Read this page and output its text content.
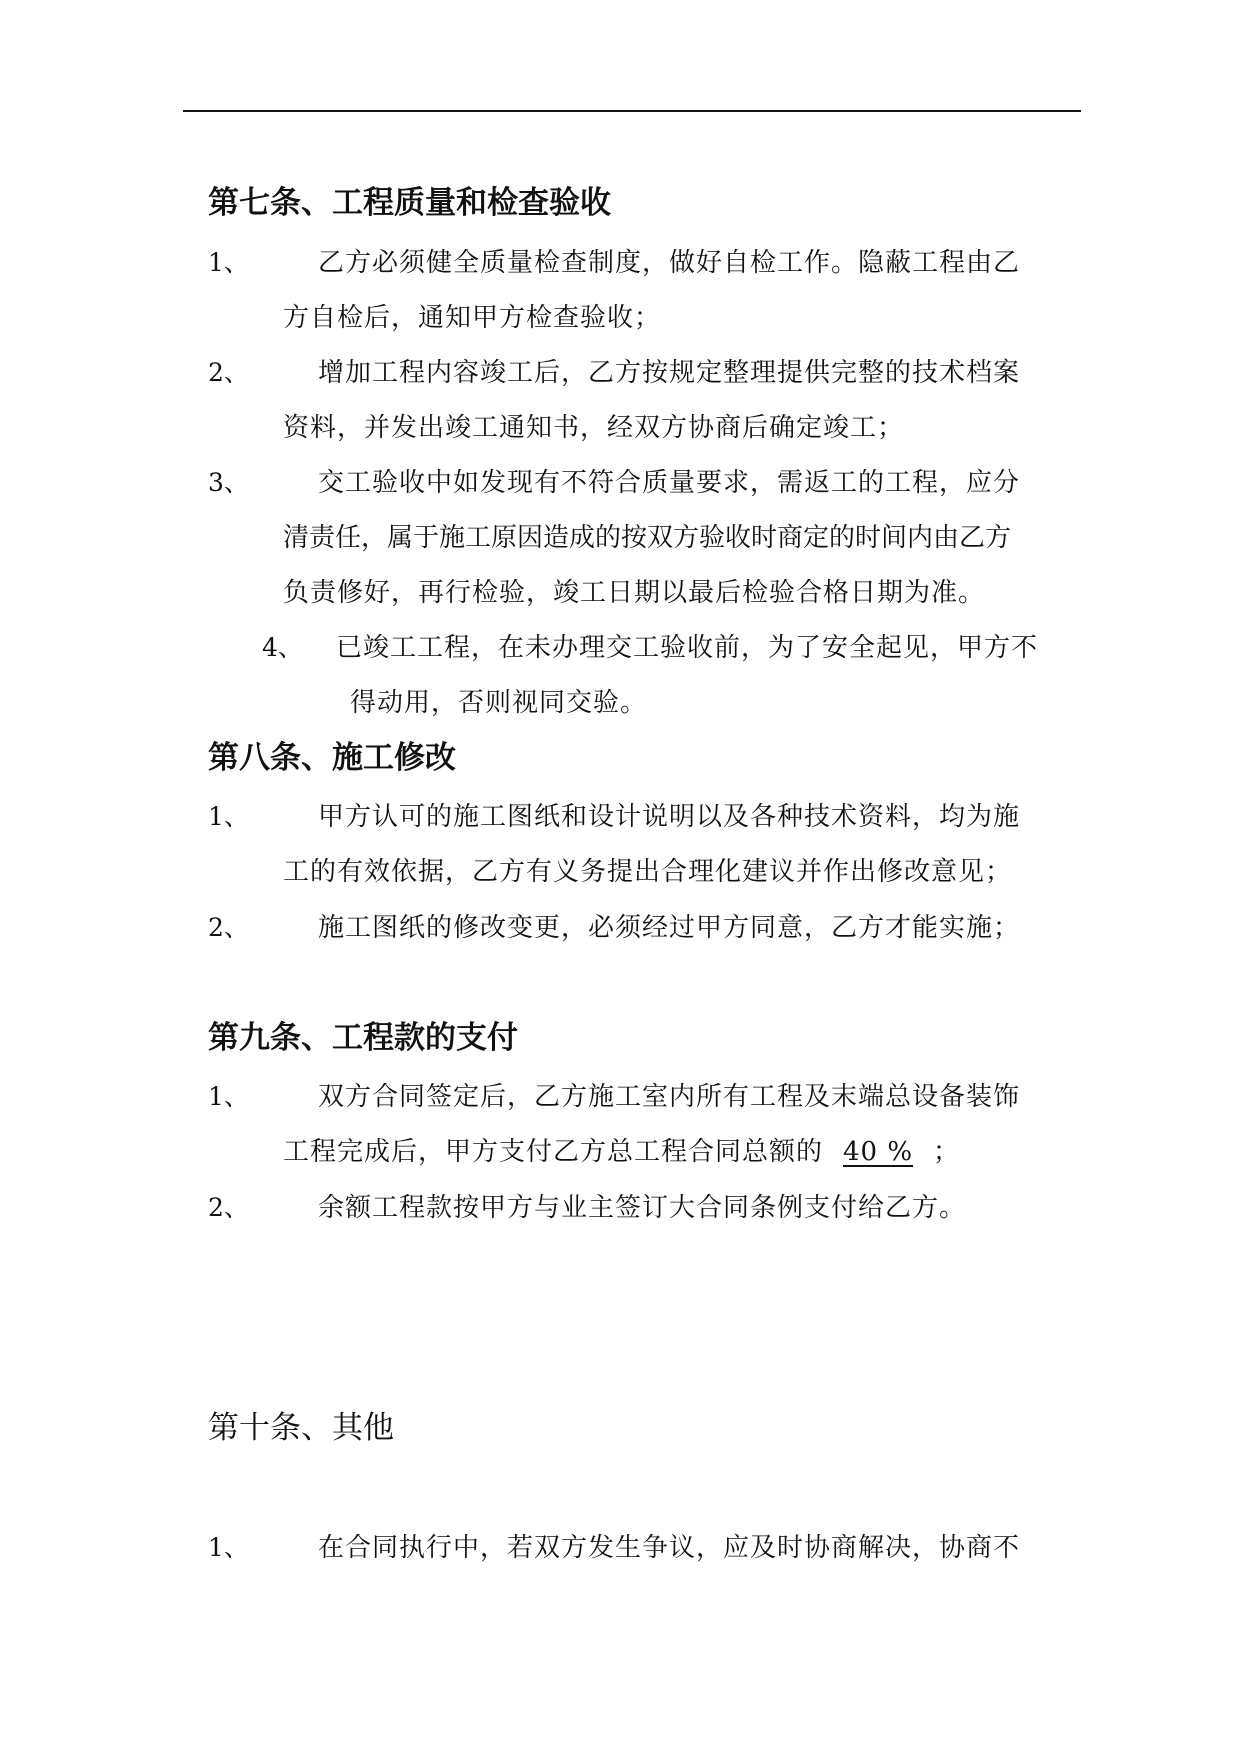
第七条、工程质量和检查验收
1、	乙方必须健全质量检查制度，做好自检工作。隐蔽工程由乙
方自检后，通知甲方检查验收；
2、	增加工程内容竣工后，乙方按规定整理提供完整的技术档案
资料，并发出竣工通知书，经双方协商后确定竣工；
3、	交工验收中如发现有不符合质量要求，需返工的工程，应分
清责任，属于施工原因造成的按双方验收时商定的时间内由乙方
负责修好，再行检验，竣工日期以最后检验合格日期为准。
4、 已竣工工程，在未办理交工验收前，为了安全起见，甲方不
得动用，否则视同交验。
第八条、施工修改
1、	甲方认可的施工图纸和设计说明以及各种技术资料，均为施
工的有效依据，乙方有义务提出合理化建议并作出修改意见；
2、	施工图纸的修改变更，必须经过甲方同意，乙方才能实施；
第九条、工程款的支付
1、	双方合同签定后，乙方施工室内所有工程及末端总设备装饰
工程完成后，甲方支付乙方总工程合同总额的 40 % ；
2、	余额工程款按甲方与业主签订大合同条例支付给乙方。
第十条、其他
1、	在合同执行中，若双方发生争议，应及时协商解决，协商不
